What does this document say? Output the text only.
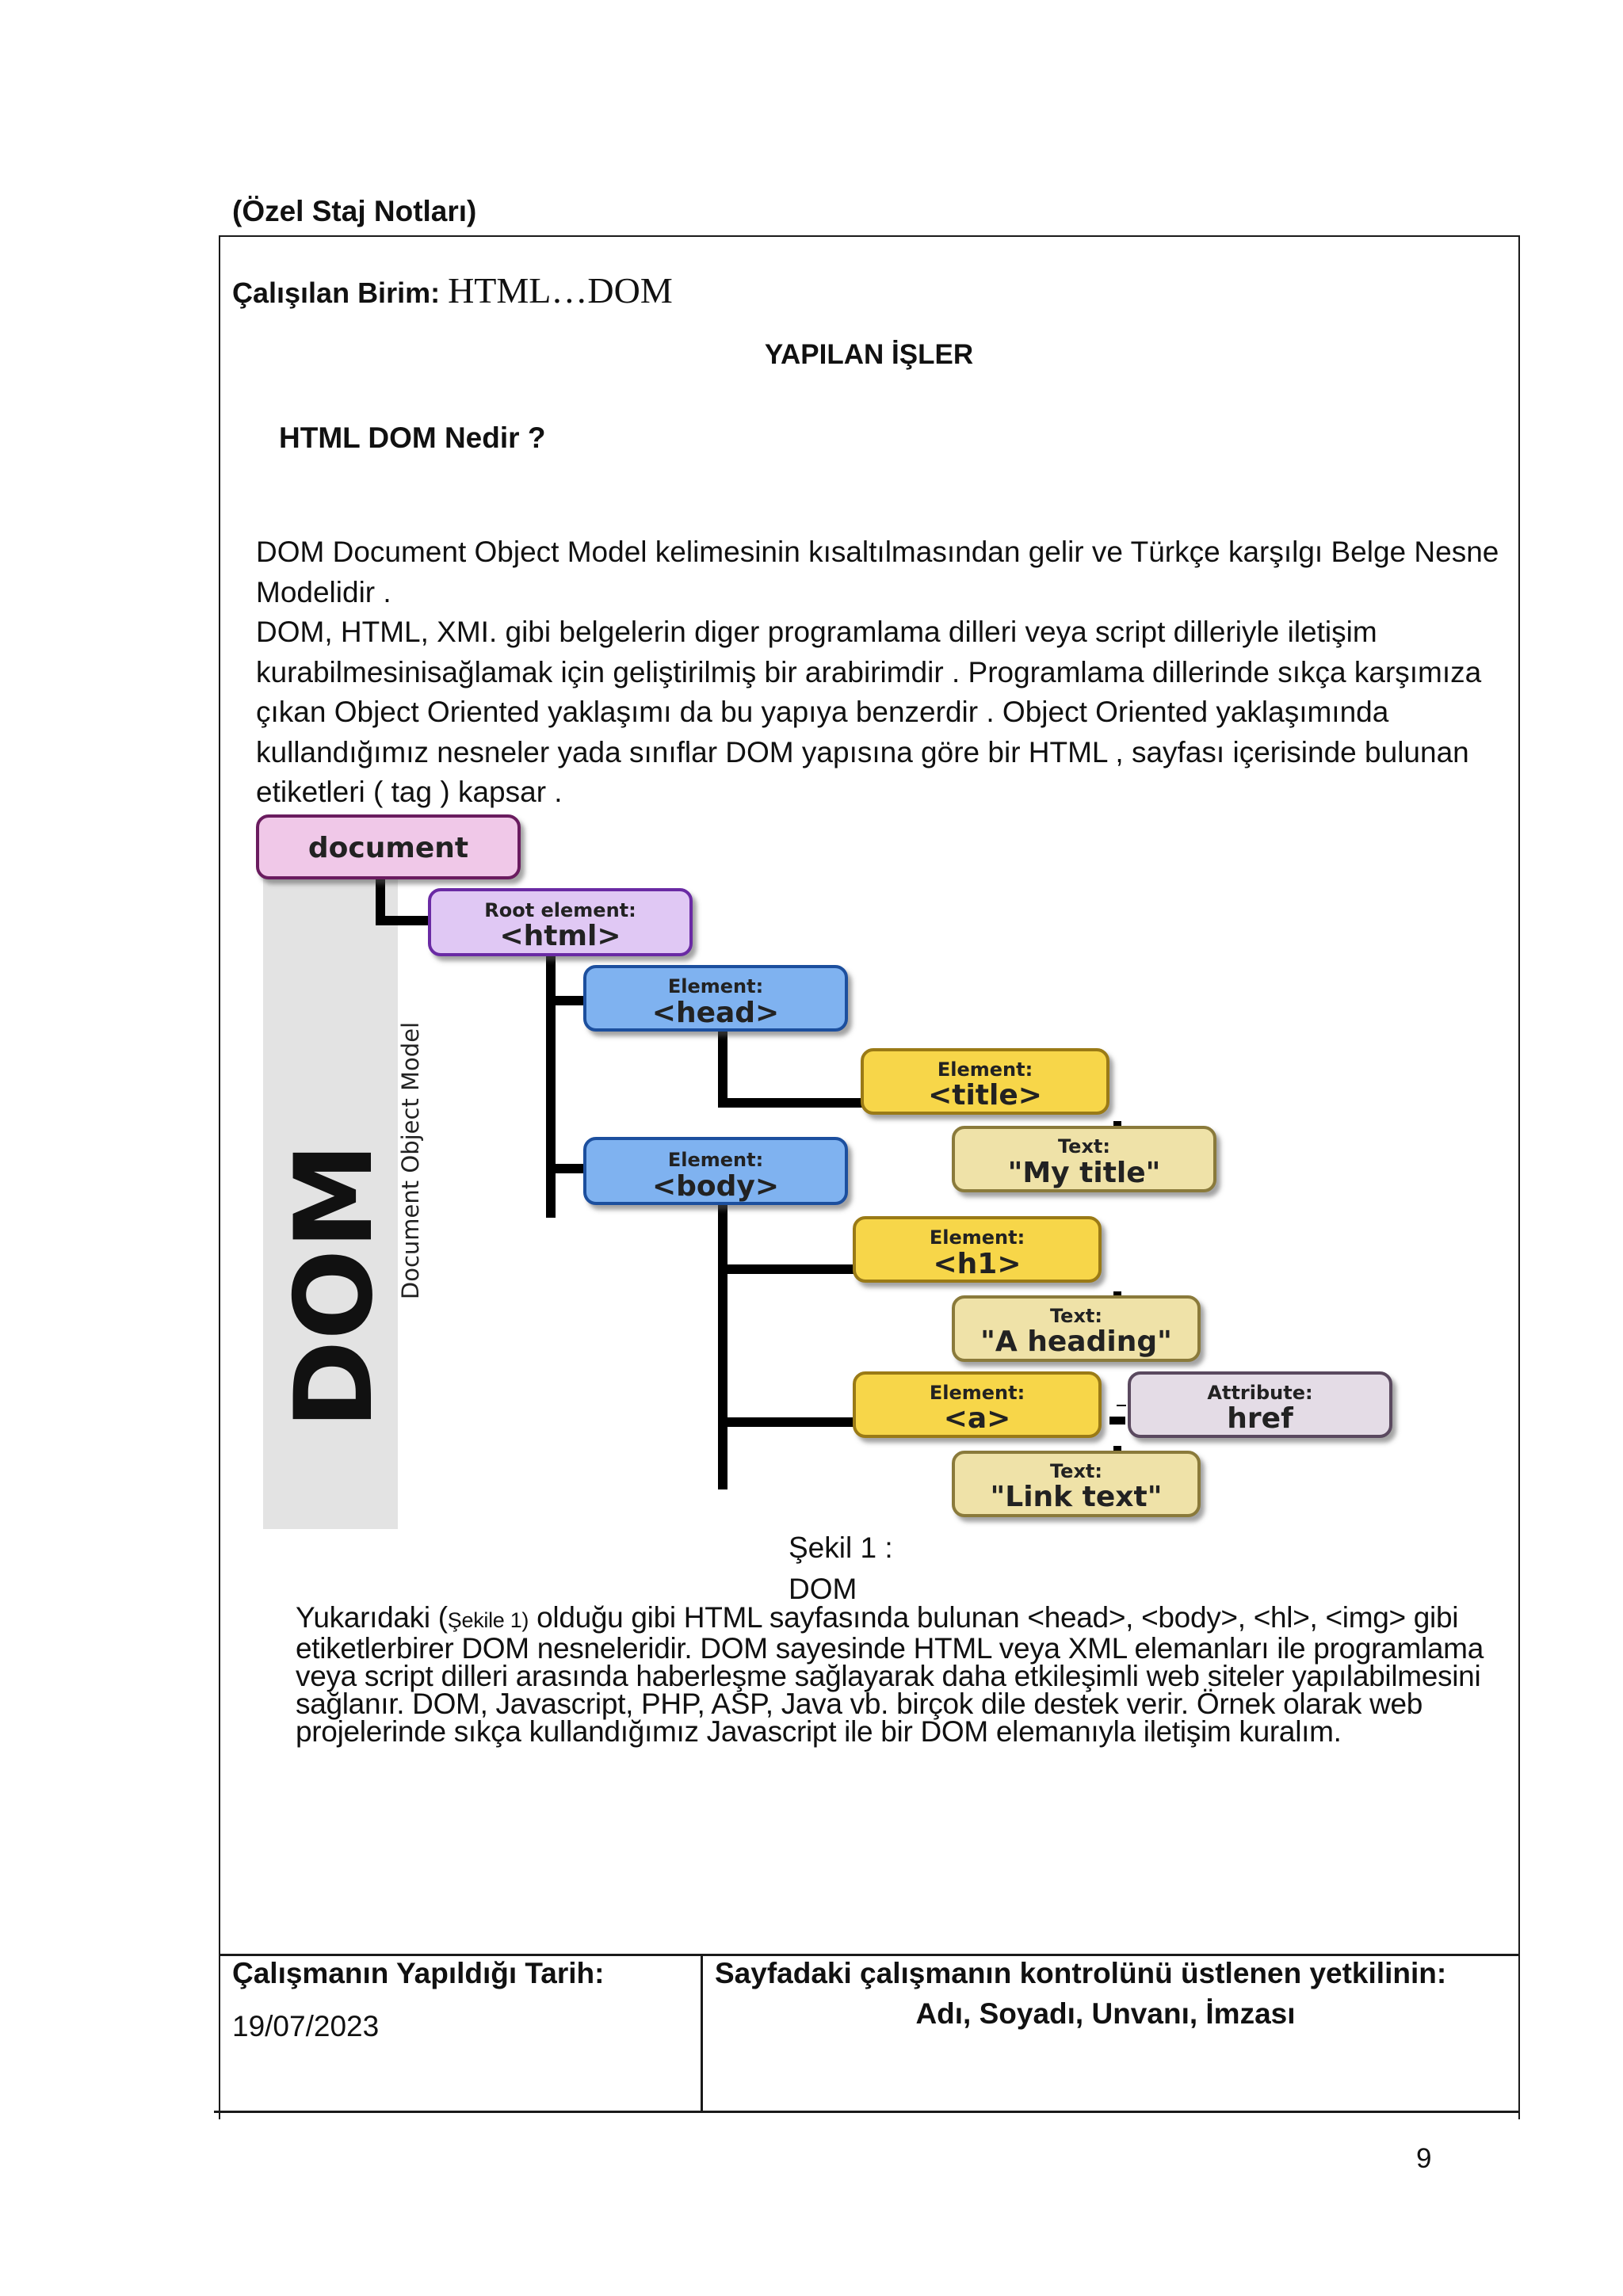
(Özel Staj Notları)
Çalışılan Birim: HTML…DOM
YAPILAN İŞLER
HTML DOM Nedir ?

DOM Document Object Model kelimesinin kısaltılmasından gelir ve Türkçe karşılgı Belge Nesne Modelidir .

DOM, HTML, XMI. gibi belgelerin diger programlama dilleri veya script dilleriyle iletişim kurabilmesinisağlamak için geliştirilmiş bir arabirimdir . Programlama dillerinde sıkça karşımıza çıkan Object Oriented yaklaşımı da bu yapıya benzerdir . Object Oriented yaklaşımında kullandığımız nesneler yada sınıflar DOM yapısına göre bir HTML , sayfası içerisinde bulunan etiketleri ( tag ) kapsar .

DOM Document Object Model
document
Root element:
<html>
Element:
<head>
Element:
<title>
Text:
"My title"
Element:
<body>
Element:
<h1>
Text:
"A heading"
Element:
<a>
Attribute:
href
Text:
"Link text"
Şekil 1 :
DOM
Yukarıdaki (Şekile 1) olduğu gibi HTML sayfasında bulunan <head>, <body>, <hl>, <img> gibi etiketlerbirer DOM nesneleridir. DOM sayesinde HTML veya XML elemanları ile programlama veya script dilleri arasında haberleşme sağlayarak daha etkileşimli web siteler yapılabilmesini sağlanır. DOM, Javascript, PHP, ASP, Java vb. birçok dile destek verir. Örnek olarak web projelerinde sıkça kullandığımız Javascript ile bir DOM elemanıyla iletişim kuralım.
Çalışmanın Yapıldığı Tarih:
19/07/2023
Sayfadaki çalışmanın kontrolünü üstlenen yetkilinin:
Adı, Soyadı, Unvanı, İmzası
9
